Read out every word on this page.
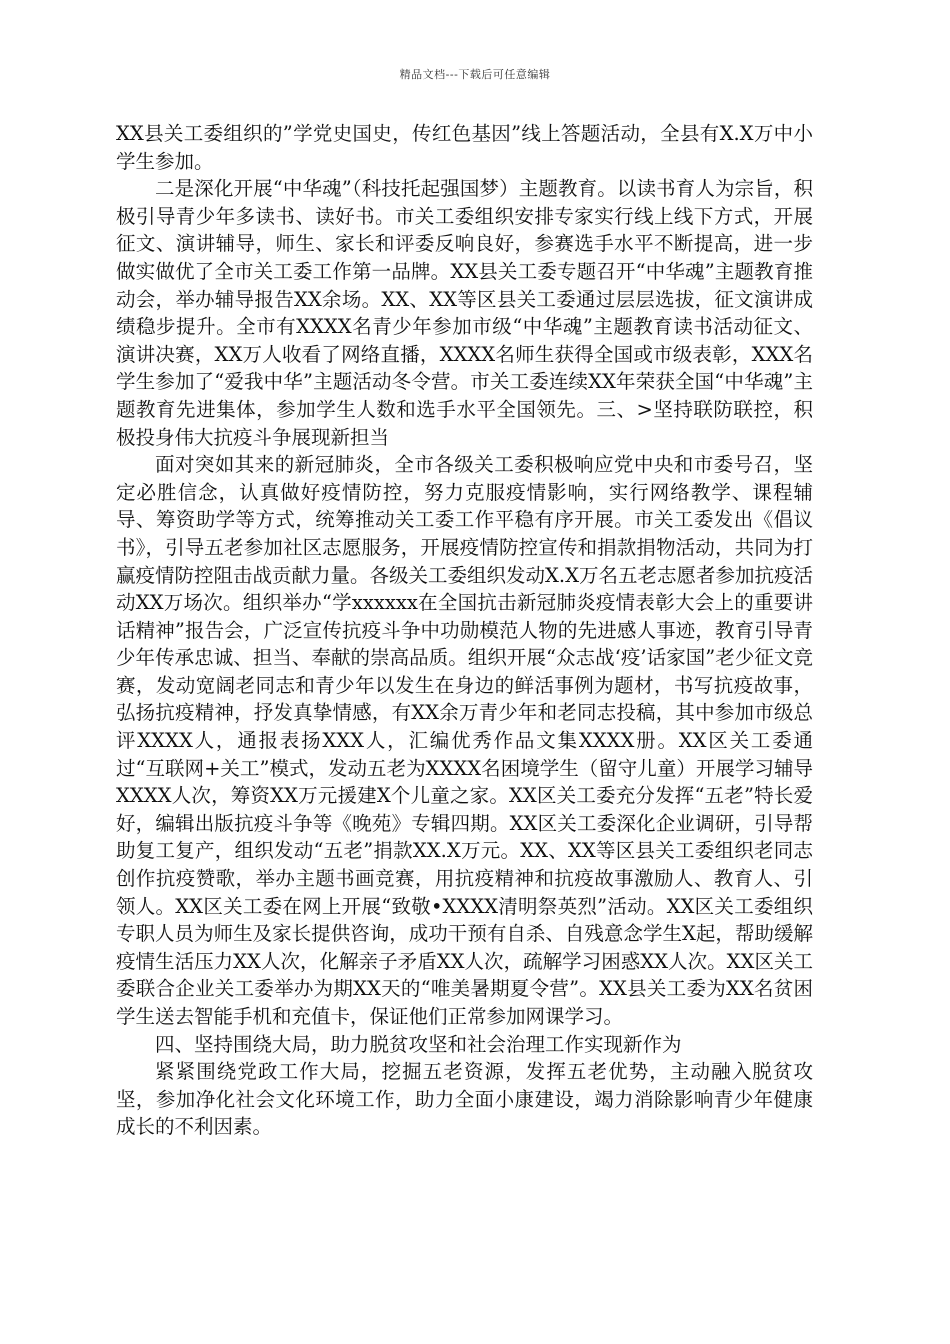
精品文档---下载后可任意编辑

XX县关工委组织的”学党史国史，传红色基因”线上答题活动，全县有X.X万中小学生参加。

二是深化开展“中华魂”（科技托起强国梦）主题教育。以读书育人为宗旨，积极引导青少年多读书、读好书。市关工委组织安排专家实行线上线下方式，开展征文、演讲辅导，师生、家长和评委反响良好，参赛选手水平不断提高，进一步做实做优了全市关工委工作第一品牌。XX县关工委专题召开“中华魂”主题教育推动会，举办辅导报告XX余场。XX、XX等区县关工委通过层层选拔，征文演讲成绩稳步提升。全市有XXXX名青少年参加市级“中华魂”主题教育读书活动征文、演讲决赛，XX万人收看了网络直播，XXXX名师生获得全国或市级表彰，XXX名学生参加了“爱我中华”主题活动冬令营。市关工委连续XX年荣获全国“中华魂”主题教育先进集体，参加学生人数和选手水平全国领先。三、>坚持联防联控，积极投身伟大抗疫斗争展现新担当

面对突如其来的新冠肺炎，全市各级关工委积极响应党中央和市委号召，坚定必胜信念，认真做好疫情防控，努力克服疫情影响，实行网络教学、课程辅导、筹资助学等方式，统筹推动关工委工作平稳有序开展。市关工委发出《倡议书》，引导五老参加社区志愿服务，开展疫情防控宣传和捐款捐物活动，共同为打赢疫情防控阻击战贡献力量。各级关工委组织发动X.X万名五老志愿者参加抗疫活动XX万场次。组织举办“学xxxxxx在全国抗击新冠肺炎疫情表彰大会上的重要讲话精神”报告会，广泛宣传抗疫斗争中功勋模范人物的先进感人事迹，教育引导青少年传承忠诚、担当、奉献的崇高品质。组织开展“众志战‘疫’话家国”老少征文竞赛，发动宽阔老同志和青少年以发生在身边的鲜活事例为题材，书写抗疫故事，弘扬抗疫精神，抒发真挚情感，有XX余万青少年和老同志投稿，其中参加市级总评XXXX人，通报表扬XXX人，汇编优秀作品文集XXXX册。XX区关工委通过“互联网+关工”模式，发动五老为XXXX名困境学生（留守儿童）开展学习辅导XXXX人次，筹资XX万元援建X个儿童之家。XX区关工委充分发挥“五老”特长爱好，编辑出版抗疫斗争等《晚苑》专辑四期。XX区关工委深化企业调研，引导帮助复工复产，组织发动“五老”捐款XX.X万元。XX、XX等区县关工委组织老同志创作抗疫赞歌，举办主题书画竞赛，用抗疫精神和抗疫故事激励人、教育人、引领人。XX区关工委在网上开展“致敬•XXXX清明祭英烈”活动。XX区关工委组织专职人员为师生及家长提供咨询，成功干预有自杀、自残意念学生X起，帮助缓解疫情生活压力XX人次，化解亲子矛盾XX人次，疏解学习困惑XX人次。XX区关工委联合企业关工委举办为期XX天的“唯美暑期夏令营”。XX县关工委为XX名贫困学生送去智能手机和充值卡，保证他们正常参加网课学习。

四、坚持围绕大局，助力脱贫攻坚和社会治理工作实现新作为

紧紧围绕党政工作大局，挖掘五老资源，发挥五老优势，主动融入脱贫攻坚，参加净化社会文化环境工作，助力全面小康建设，竭力消除影响青少年健康成长的不利因素。
